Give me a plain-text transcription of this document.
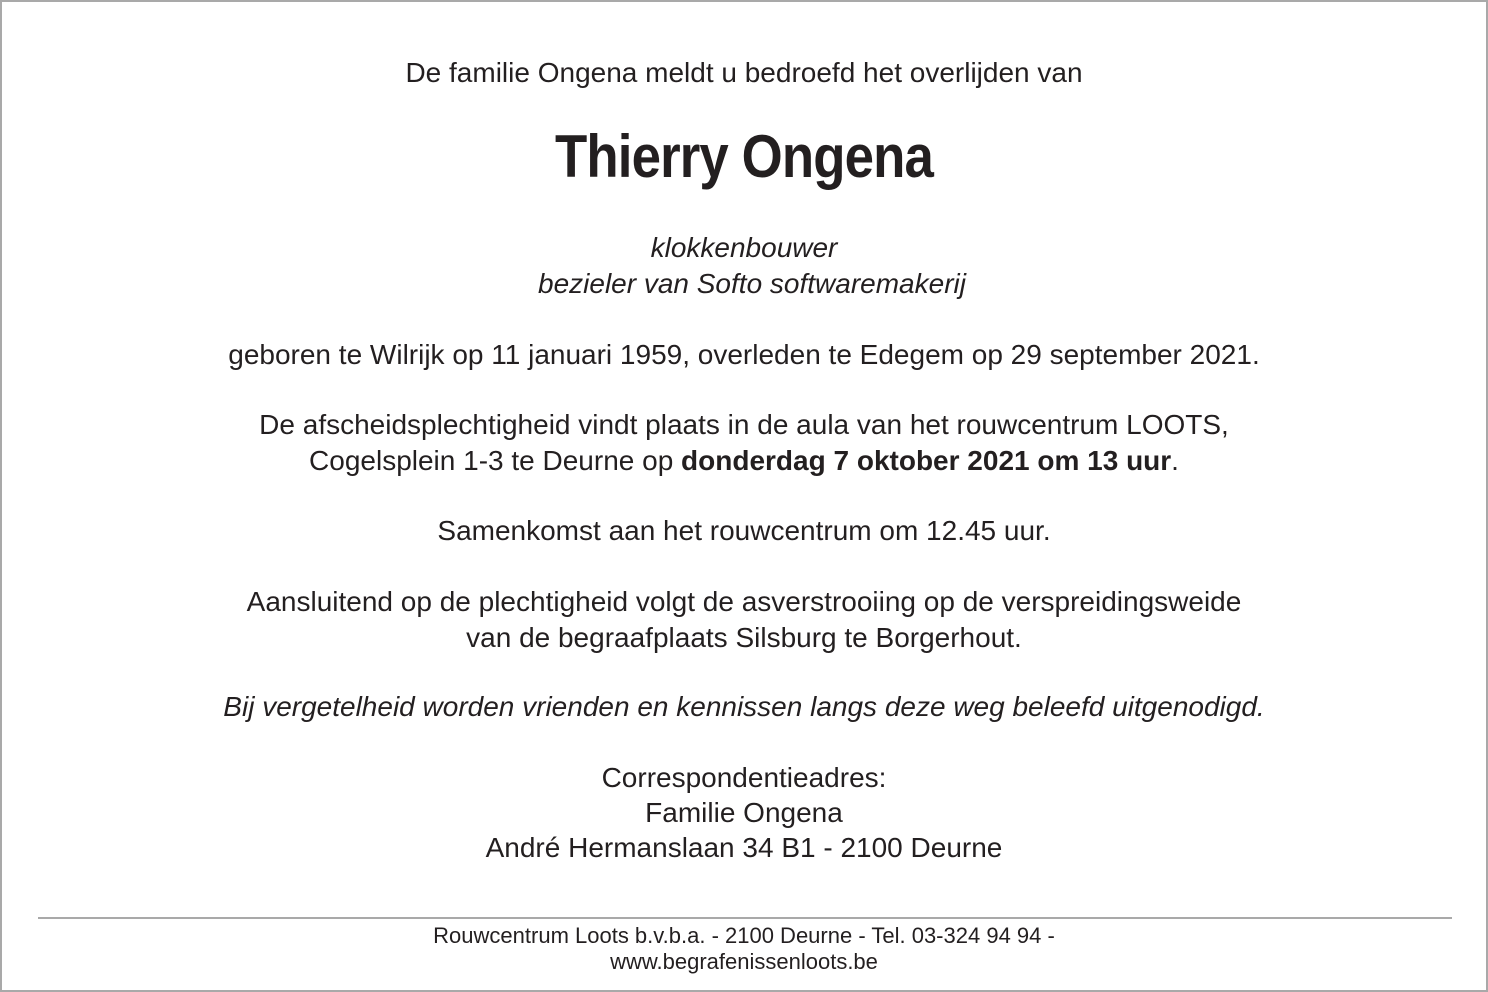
De familie Ongena meldt u bedroefd het overlijden van
Thierry Ongena
klokkenbouwer
bezieler van Softo softwaremakerij
geboren te Wilrijk op 11 januari 1959, overleden te Edegem op 29 september 2021.
De afscheidsplechtigheid vindt plaats in de aula van het rouwcentrum LOOTS,
Cogelsplein 1-3 te Deurne op donderdag 7 oktober 2021 om 13 uur.
Samenkomst aan het rouwcentrum om 12.45 uur.
Aansluitend op de plechtigheid volgt de asverstrooiing op de verspreidingsweide
van de begraafplaats Silsburg te Borgerhout.
Bij vergetelheid worden vrienden en kennissen langs deze weg beleefd uitgenodigd.
Correspondentieadres:
Familie Ongena
André Hermanslaan 34 B1 - 2100 Deurne
Rouwcentrum Loots b.v.b.a. - 2100 Deurne - Tel. 03-324 94 94 -
www.begrafenissenloots.be
